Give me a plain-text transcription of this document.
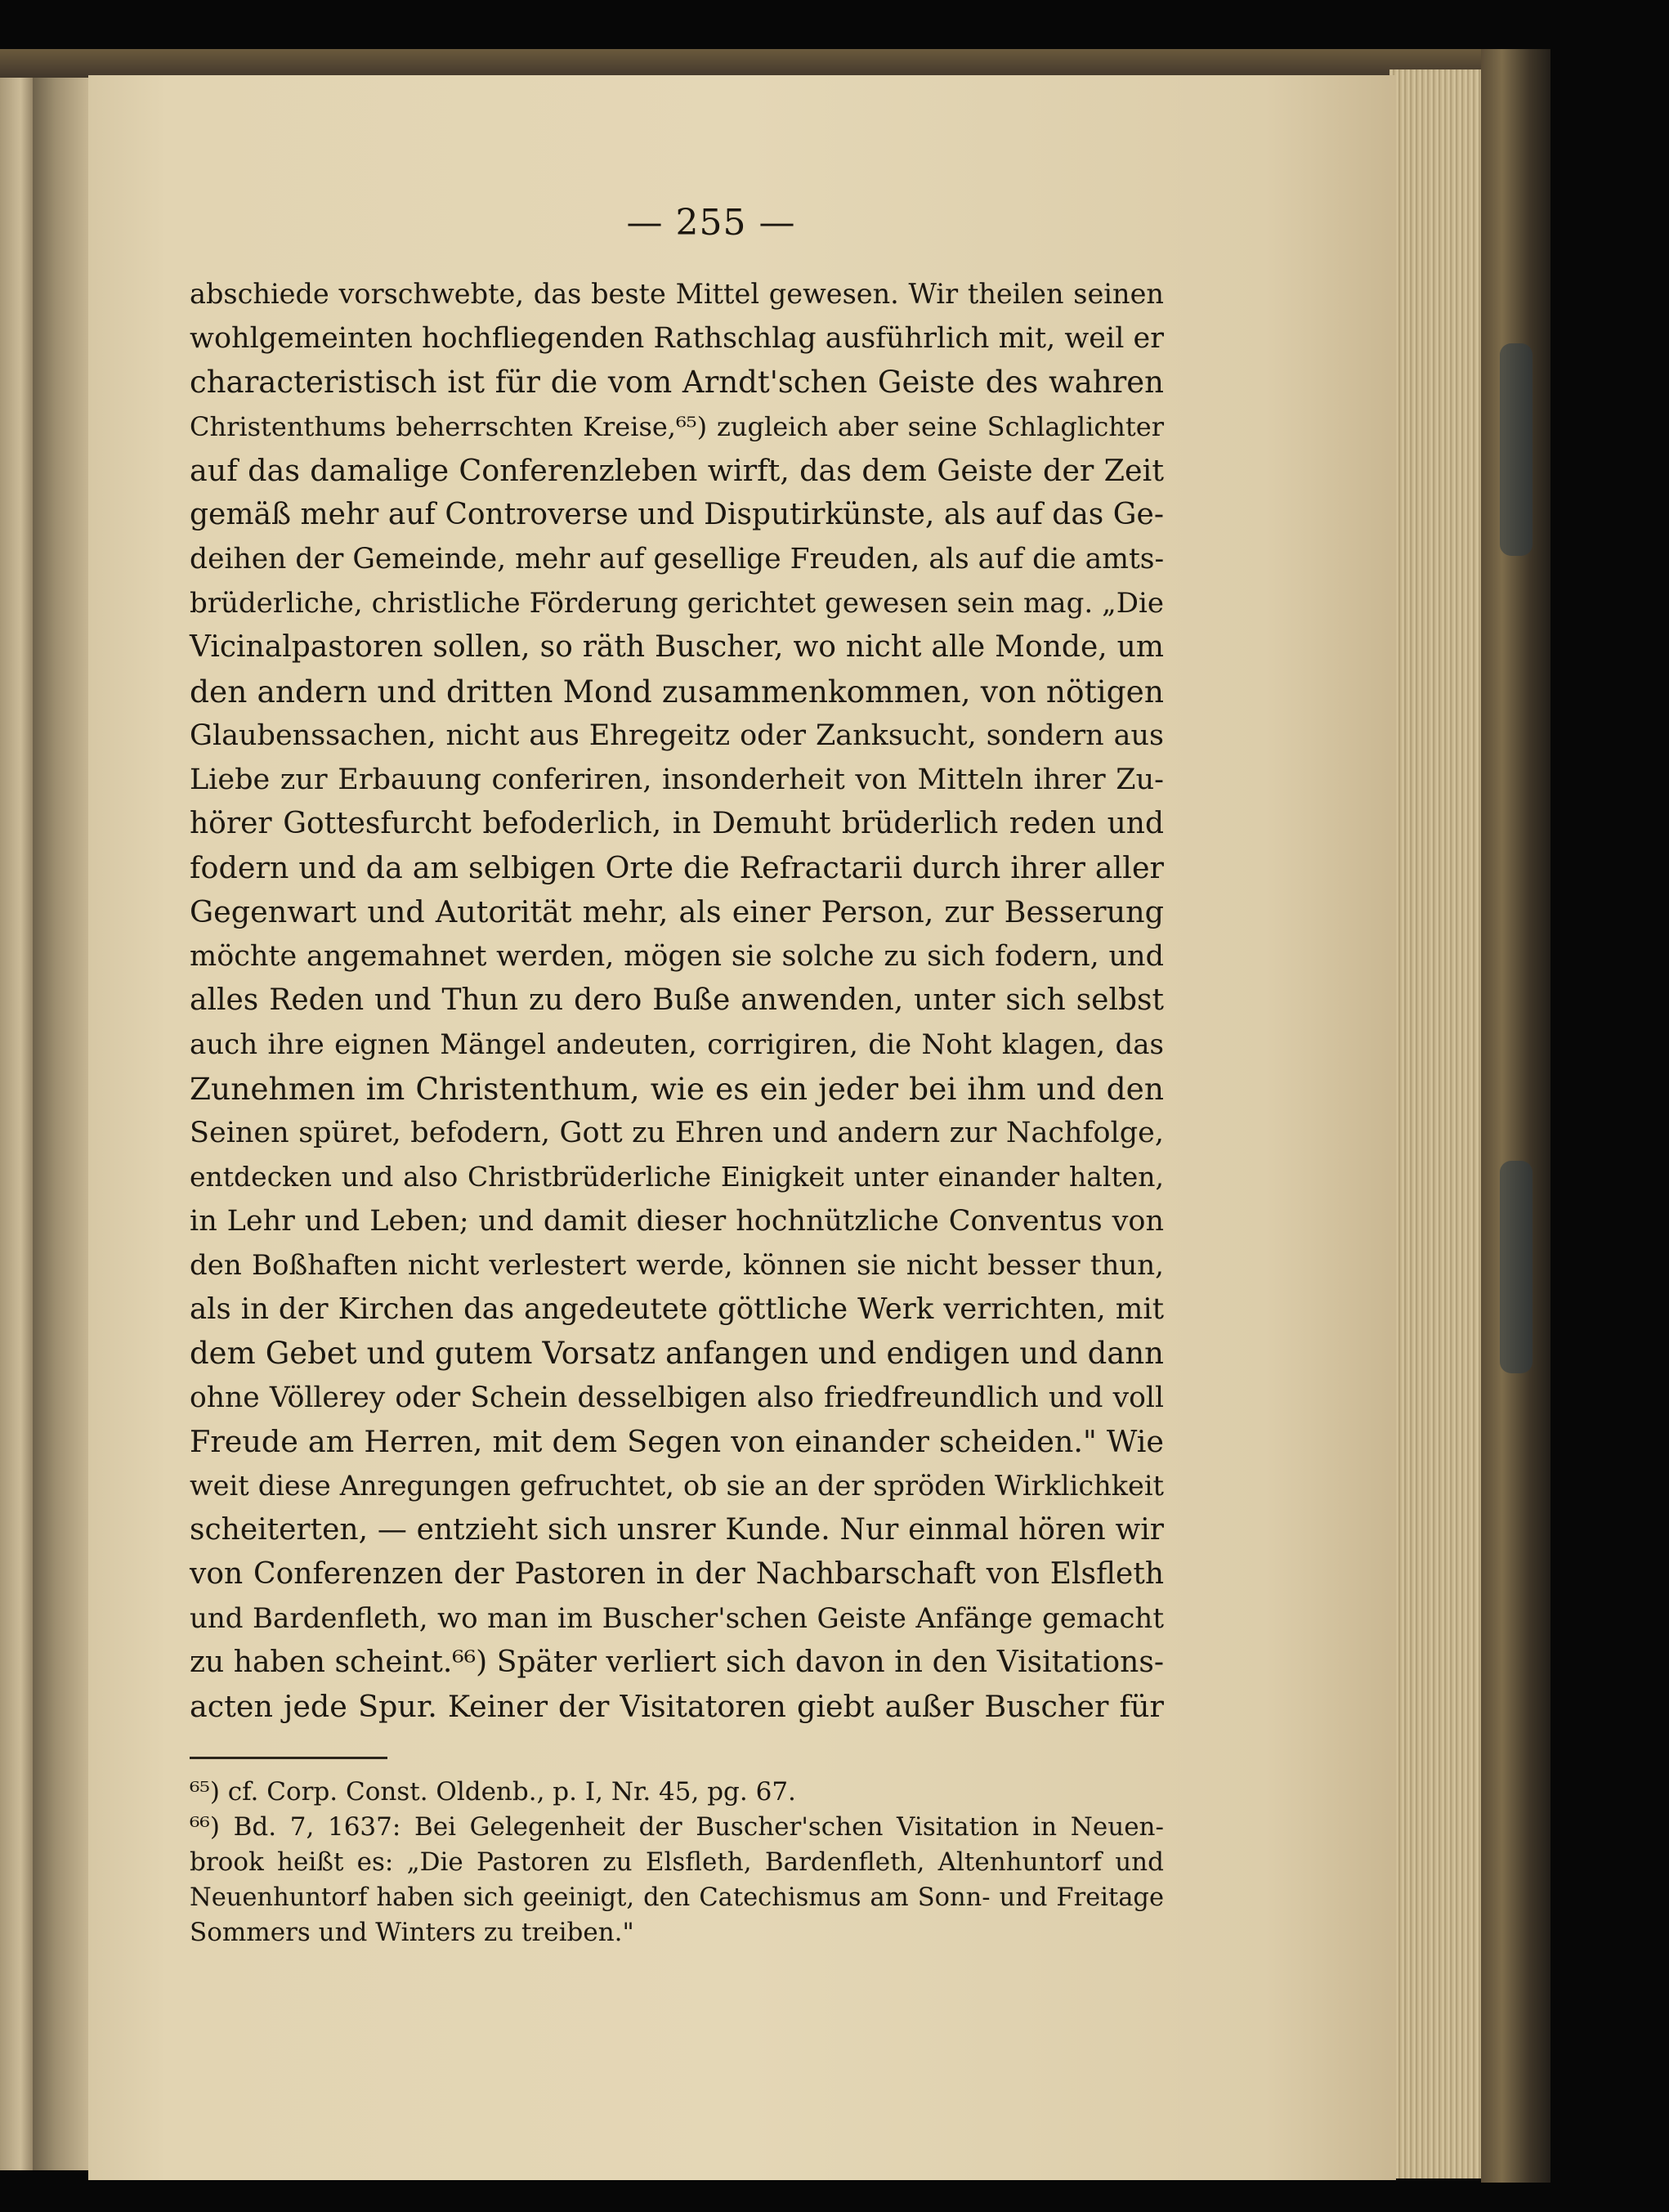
— 255 —
abschiede vorschwebte, das beste Mittel gewesen. Wir theilen seinen
wohlgemeinten hochfliegenden Rathschlag ausführlich mit, weil er
characteristisch ist für die vom Arndt'schen Geiste des wahren
Christenthums beherrschten Kreise,⁶⁵) zugleich aber seine Schlaglichter
auf das damalige Conferenzleben wirft, das dem Geiste der Zeit
gemäß mehr auf Controverse und Disputirkünste, als auf das Ge-
deihen der Gemeinde, mehr auf gesellige Freuden, als auf die amts-
brüderliche, christliche Förderung gerichtet gewesen sein mag. „Die
Vicinalpastoren sollen, so räth Buscher, wo nicht alle Monde, um
den andern und dritten Mond zusammenkommen, von nötigen
Glaubenssachen, nicht aus Ehregeitz oder Zanksucht, sondern aus
Liebe zur Erbauung conferiren, insonderheit von Mitteln ihrer Zu-
hörer Gottesfurcht befoderlich, in Demuht brüderlich reden und
fodern und da am selbigen Orte die Refractarii durch ihrer aller
Gegenwart und Autorität mehr, als einer Person, zur Besserung
möchte angemahnet werden, mögen sie solche zu sich fodern, und
alles Reden und Thun zu dero Buße anwenden, unter sich selbst
auch ihre eignen Mängel andeuten, corrigiren, die Noht klagen, das
Zunehmen im Christenthum, wie es ein jeder bei ihm und den
Seinen spüret, befodern, Gott zu Ehren und andern zur Nachfolge,
entdecken und also Christbrüderliche Einigkeit unter einander halten,
in Lehr und Leben; und damit dieser hochnützliche Conventus von
den Boßhaften nicht verlestert werde, können sie nicht besser thun,
als in der Kirchen das angedeutete göttliche Werk verrichten, mit
dem Gebet und gutem Vorsatz anfangen und endigen und dann
ohne Völlerey oder Schein desselbigen also friedfreundlich und voll
Freude am Herren, mit dem Segen von einander scheiden." Wie
weit diese Anregungen gefruchtet, ob sie an der spröden Wirklichkeit
scheiterten, — entzieht sich unsrer Kunde. Nur einmal hören wir
von Conferenzen der Pastoren in der Nachbarschaft von Elsfleth
und Bardenfleth, wo man im Buscher'schen Geiste Anfänge gemacht
zu haben scheint.⁶⁶) Später verliert sich davon in den Visitations-
acten jede Spur. Keiner der Visitatoren giebt außer Buscher für
⁶⁵) cf. Corp. Const. Oldenb., p. I, Nr. 45, pg. 67.
⁶⁶) Bd. 7, 1637: Bei Gelegenheit der Buscher'schen Visitation in Neuen-
brook heißt es: „Die Pastoren zu Elsfleth, Bardenfleth, Altenhuntorf und
Neuenhuntorf haben sich geeinigt, den Catechismus am Sonn- und Freitage
Sommers und Winters zu treiben."
